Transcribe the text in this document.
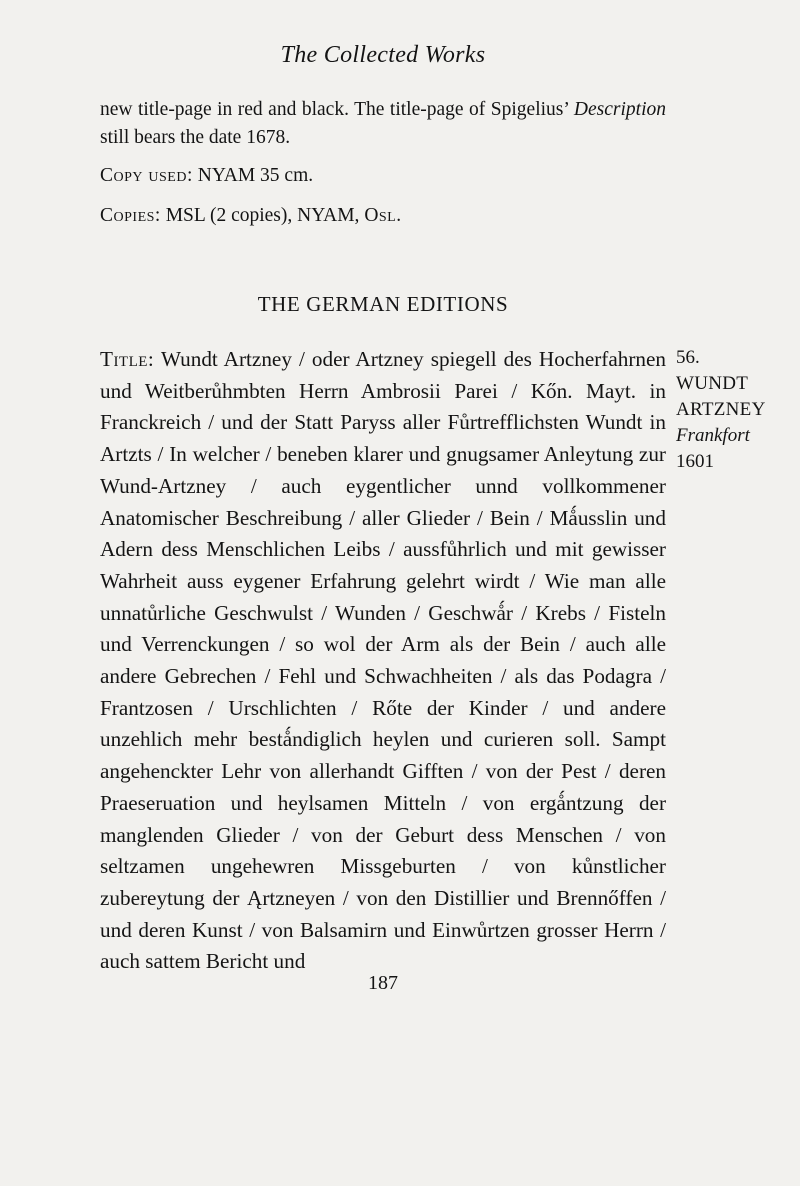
The Collected Works

new title-page in red and black. The title-page of Spigelius’ Description still bears the date 1678.

Copy used: NYAM 35 cm.
Copies: MSL (2 copies), NYAM, Osl.
THE GERMAN EDITIONS

Title: Wundt Artzney / oder Artzney spiegell des Hocherfahrnen und Weitberůhmbten Herrn Ambrosii Parei / Kőn. Mayt. in Franckreich / und der Statt Paryss aller Fůrtrefflichsten Wundt in Artzts / In welcher / beneben klarer und gnugsamer Anleytung zur Wund-Artzney / auch eygentlicher unnd vollkommener Anatomischer Beschreibung / aller Glieder / Bein / Mǻusslin und Adern dess Menschlichen Leibs / aussfůhrlich und mit gewisser Wahrheit auss eygener Erfahrung gelehrt wirdt / Wie man alle unnatůrliche Geschwulst / Wunden / Geschwǻr / Krebs / Fisteln und Verrenckungen / so wol der Arm als der Bein / auch alle andere Gebrechen / Fehl und Schwachheiten / als das Podagra / Frantzosen / Urschlichten / Rőte der Kinder / und andere unzehlich mehr bestǻndiglich heylen und curieren soll. Sampt angehenckter Lehr von allerhandt Gifften / von der Pest / deren Praeseruation und heylsamen Mitteln / von ergǻntzung der manglenden Glieder / von der Geburt dess Menschen / von seltzamen ungehewren Missgeburten / von kůnstlicher zubereytung der Ąrtzneyen / von den Distillier und Brennőffen / und deren Kunst / von Balsamirn und Einwůrtzen grosser Herrn / auch sattem Bericht und

56.
WUNDT
ARTZNEY
Frankfort
1601
187
